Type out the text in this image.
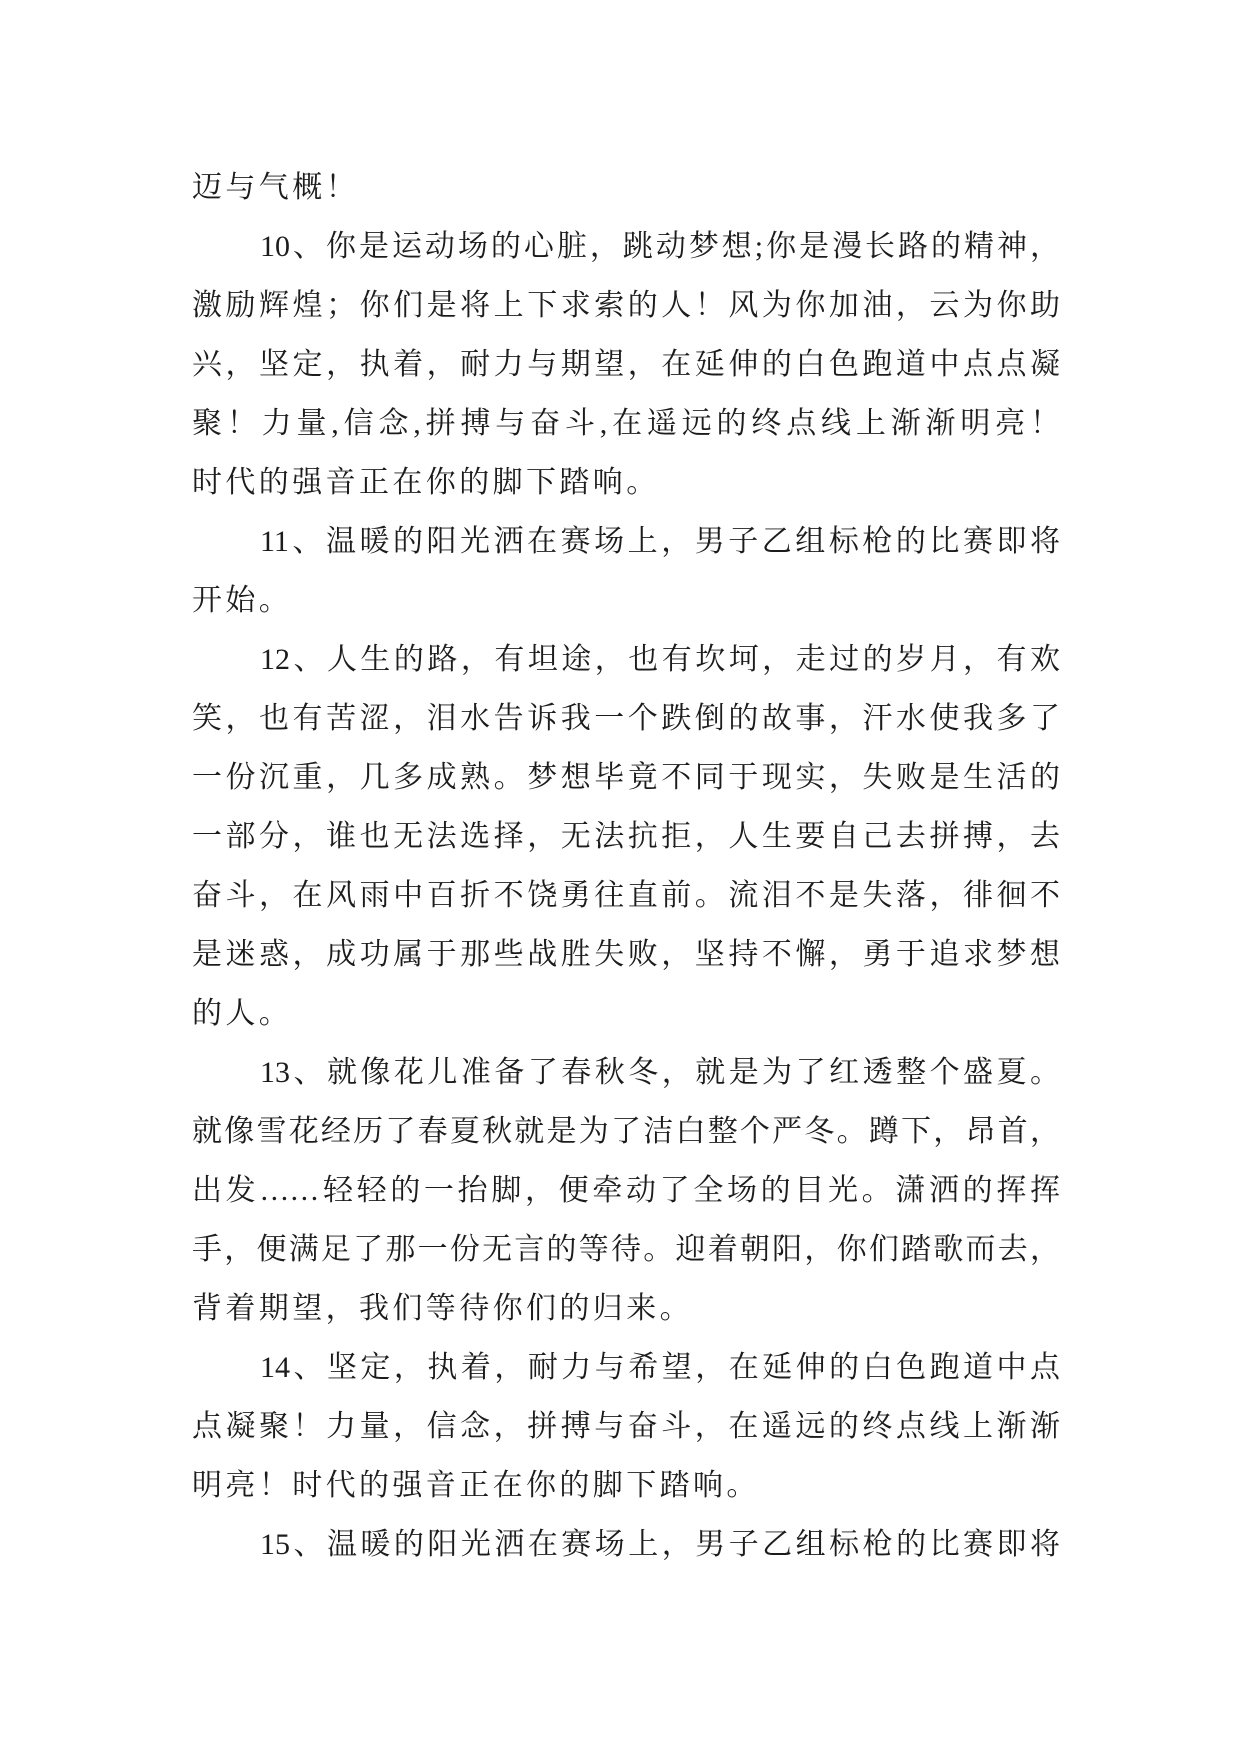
迈与气概！
10、你是运动场的心脏，跳动梦想;你是漫长路的精神，
激励辉煌；你们是将上下求索的人！风为你加油，云为你助
兴，坚定，执着，耐力与期望，在延伸的白色跑道中点点凝
聚！力量,信念,拼搏与奋斗,在遥远的终点线上渐渐明亮！
时代的强音正在你的脚下踏响。
11、温暖的阳光洒在赛场上，男子乙组标枪的比赛即将
开始。
12、人生的路，有坦途，也有坎坷，走过的岁月，有欢
笑，也有苦涩，泪水告诉我一个跌倒的故事，汗水使我多了
一份沉重，几多成熟。梦想毕竟不同于现实，失败是生活的
一部分，谁也无法选择，无法抗拒，人生要自己去拼搏，去
奋斗，在风雨中百折不饶勇往直前。流泪不是失落，徘徊不
是迷惑，成功属于那些战胜失败，坚持不懈，勇于追求梦想
的人。
13、就像花儿准备了春秋冬，就是为了红透整个盛夏。
就像雪花经历了春夏秋就是为了洁白整个严冬。蹲下，昂首，
出发……轻轻的一抬脚，便牵动了全场的目光。潇洒的挥挥
手，便满足了那一份无言的等待。迎着朝阳，你们踏歌而去，
背着期望，我们等待你们的归来。
14、坚定，执着，耐力与希望，在延伸的白色跑道中点
点凝聚！力量，信念，拼搏与奋斗，在遥远的终点线上渐渐
明亮！时代的强音正在你的脚下踏响。
15、温暖的阳光洒在赛场上，男子乙组标枪的比赛即将
